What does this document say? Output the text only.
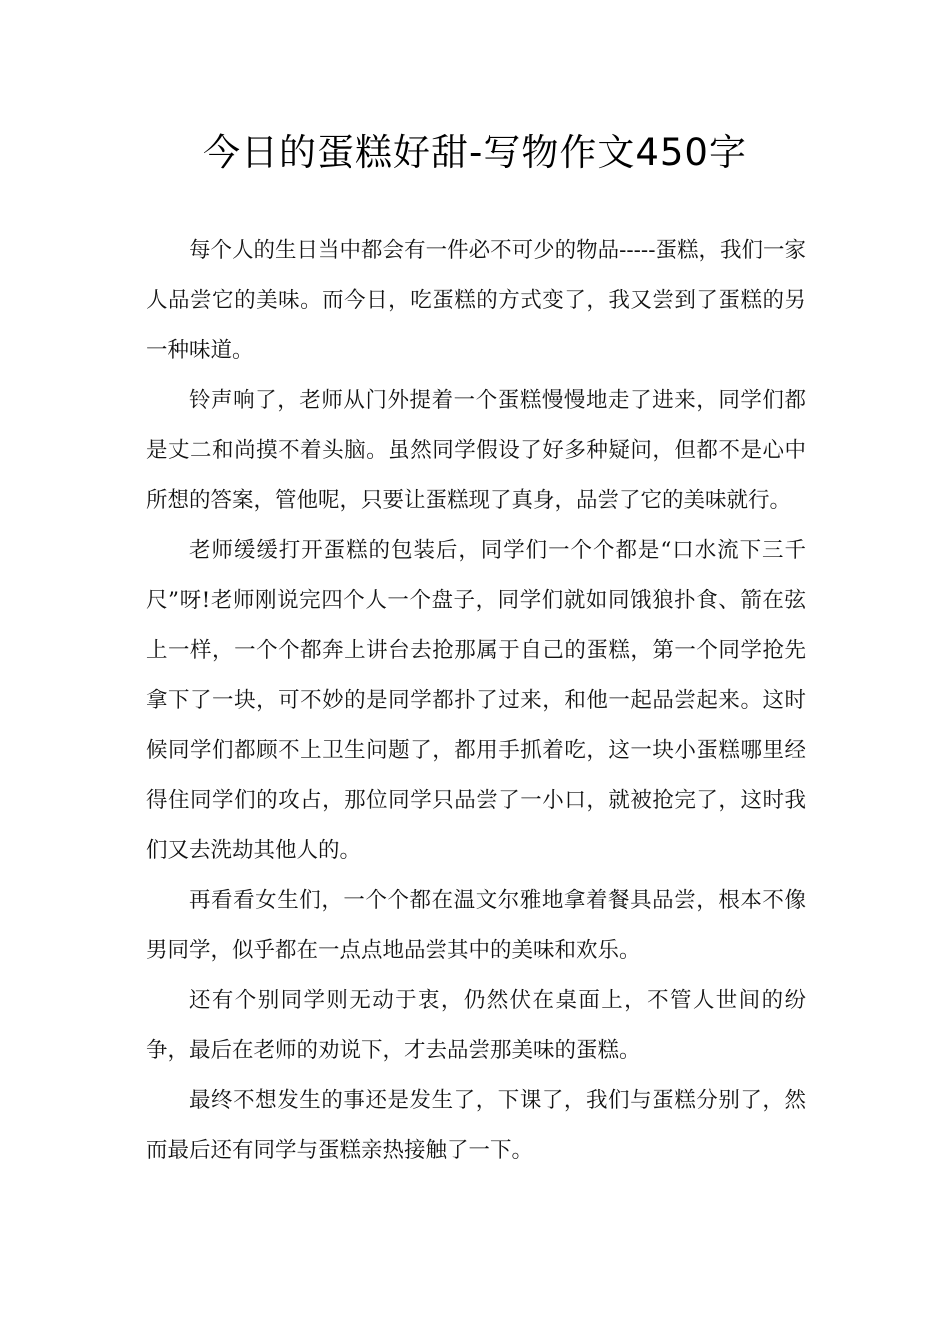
今日的蛋糕好甜-写物作文450字

每个人的生日当中都会有一件必不可少的物品-----蛋糕，我们一家人品尝它的美味。而今日，吃蛋糕的方式变了，我又尝到了蛋糕的另一种味道。

铃声响了，老师从门外提着一个蛋糕慢慢地走了进来，同学们都是丈二和尚摸不着头脑。虽然同学假设了好多种疑问，但都不是心中所想的答案，管他呢，只要让蛋糕现了真身，品尝了它的美味就行。

老师缓缓打开蛋糕的包装后，同学们一个个都是“口水流下三千尺”呀!老师刚说完四个人一个盘子，同学们就如同饿狼扑食、箭在弦上一样，一个个都奔上讲台去抢那属于自己的蛋糕，第一个同学抢先拿下了一块，可不妙的是同学都扑了过来，和他一起品尝起来。这时候同学们都顾不上卫生问题了，都用手抓着吃，这一块小蛋糕哪里经得住同学们的攻占，那位同学只品尝了一小口，就被抢完了，这时我们又去洗劫其他人的。

再看看女生们，一个个都在温文尔雅地拿着餐具品尝，根本不像男同学，似乎都在一点点地品尝其中的美味和欢乐。

还有个别同学则无动于衷，仍然伏在桌面上，不管人世间的纷争，最后在老师的劝说下，才去品尝那美味的蛋糕。

最终不想发生的事还是发生了，下课了，我们与蛋糕分别了，然而最后还有同学与蛋糕亲热接触了一下。
